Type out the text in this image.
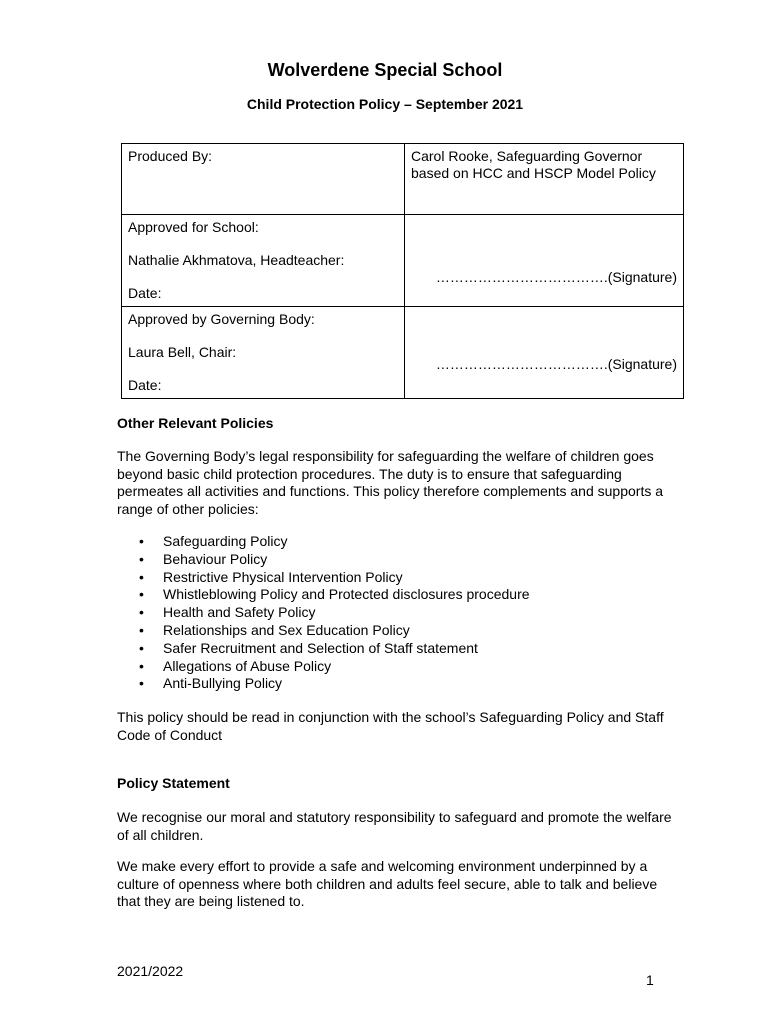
Wolverdene Special School
Child Protection Policy – September 2021

Produced By:	Carol Rooke, Safeguarding Governor based on HCC and HSCP Model Policy

Approved for School:

Nathalie Akhmatova, Headteacher:

Date:	……………………………….(Signature)

Approved by Governing Body:

Laura Bell, Chair:

Date:	……………………………….(Signature)

Other Relevant Policies
The Governing Body’s legal responsibility for safeguarding the welfare of children goes beyond basic child protection procedures. The duty is to ensure that safeguarding permeates all activities and functions. This policy therefore complements and supports a range of other policies:
• Safeguarding Policy
• Behaviour Policy
• Restrictive Physical Intervention Policy
• Whistleblowing Policy and Protected disclosures procedure
• Health and Safety Policy
• Relationships and Sex Education Policy
• Safer Recruitment and Selection of Staff statement
• Allegations of Abuse Policy
• Anti-Bullying Policy
This policy should be read in conjunction with the school’s Safeguarding Policy and Staff Code of Conduct
Policy Statement
We recognise our moral and statutory responsibility to safeguard and promote the welfare of all children.
We make every effort to provide a safe and welcoming environment underpinned by a culture of openness where both children and adults feel secure, able to talk and believe that they are being listened to.
2021/2022
1
